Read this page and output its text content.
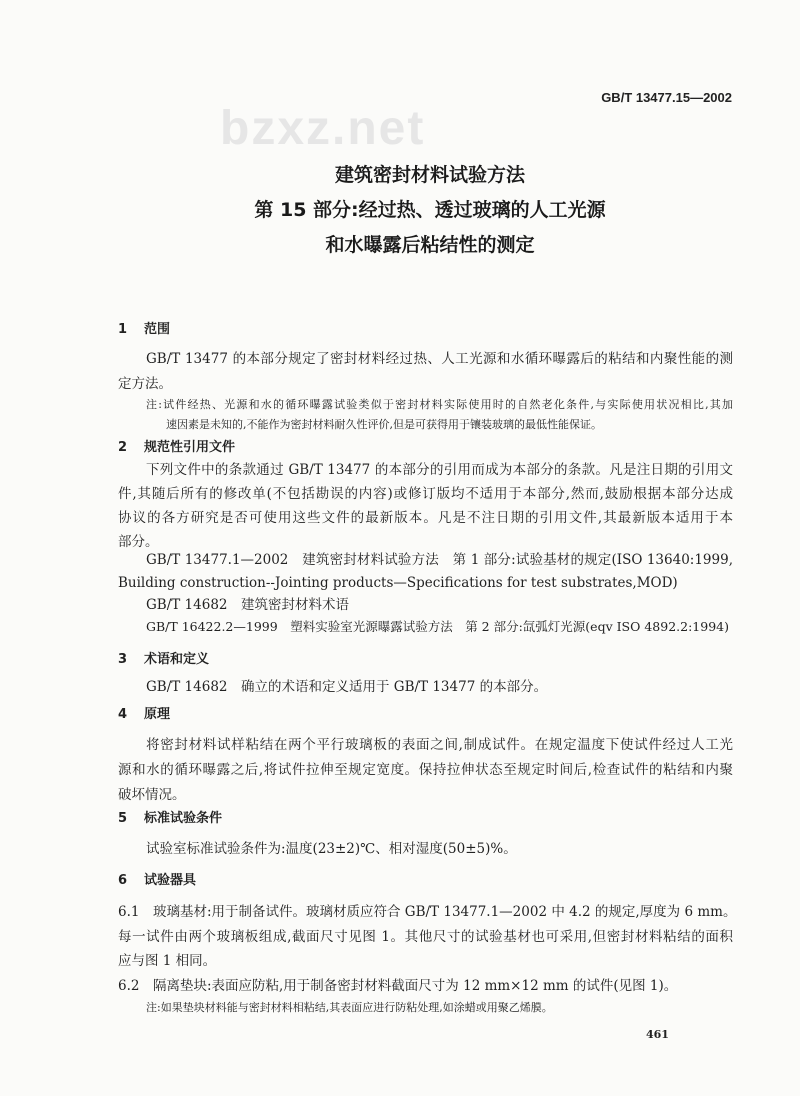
GB/T 13477.15—2002
bzxz.net
建筑密封材料试验方法
第 15 部分:经过热、透过玻璃的人工光源
和水曝露后粘结性的测定
1 范围
GB/T 13477 的本部分规定了密封材料经过热、人工光源和水循环曝露后的粘结和内聚性能的测
定方法。
注:试件经热、光源和水的循环曝露试验类似于密封材料实际使用时的自然老化条件,与实际使用状况相比,其加
速因素是未知的,不能作为密封材料耐久性评价,但是可获得用于镶装玻璃的最低性能保证。
2 规范性引用文件
下列文件中的条款通过 GB/T 13477 的本部分的引用而成为本部分的条款。凡是注日期的引用文
件,其随后所有的修改单(不包括勘误的内容)或修订版均不适用于本部分,然而,鼓励根据本部分达成
协议的各方研究是否可使用这些文件的最新版本。凡是不注日期的引用文件,其最新版本适用于本
部分。
GB/T 13477.1—2002　建筑密封材料试验方法　第 1 部分:试验基材的规定(ISO 13640:1999,
Building construction--Jointing products—Specifications for test substrates,MOD)
GB/T 14682　建筑密封材料术语
GB/T 16422.2—1999　塑料实验室光源曝露试验方法　第 2 部分:氙弧灯光源(eqv ISO 4892.2:1994)
3 术语和定义
GB/T 14682　确立的术语和定义适用于 GB/T 13477 的本部分。
4 原理
将密封材料试样粘结在两个平行玻璃板的表面之间,制成试件。在规定温度下使试件经过人工光
源和水的循环曝露之后,将试件拉伸至规定宽度。保持拉伸状态至规定时间后,检查试件的粘结和内聚
破坏情况。
5 标准试验条件
试验室标准试验条件为:温度(23±2)℃、相对湿度(50±5)%。
6 试验器具
6.1　玻璃基材:用于制备试件。玻璃材质应符合 GB/T 13477.1—2002 中 4.2 的规定,厚度为 6 mm。
每一试件由两个玻璃板组成,截面尺寸见图 1。其他尺寸的试验基材也可采用,但密封材料粘结的面积
应与图 1 相同。
6.2　隔离垫块:表面应防粘,用于制备密封材料截面尺寸为 12 mm×12 mm 的试件(见图 1)。
注:如果垫块材料能与密封材料相粘结,其表面应进行防粘处理,如涂蜡或用聚乙烯膜。
461
